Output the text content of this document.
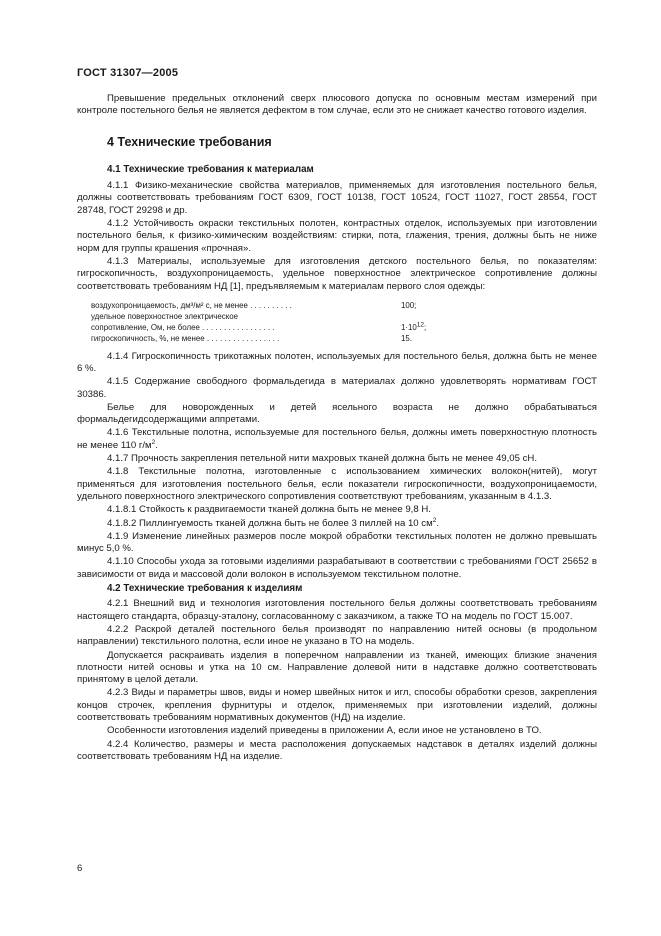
ГОСТ 31307—2005

Превышение предельных отклонений сверх плюсового допуска по основным местам измерений при контроле постельного белья не является дефектом в том случае, если это не снижает качество готового изделия.

4 Технические требования
4.1 Технические требования к материалам

4.1.1 Физико-механические свойства материалов, применяемых для изготовления постельного белья, должны соответствовать требованиям ГОСТ 6309, ГОСТ 10138, ГОСТ 10524, ГОСТ 11027, ГОСТ 28554, ГОСТ 28748, ГОСТ 29298 и др.

4.1.2 Устойчивость окраски текстильных полотен, контрастных отделок, используемых при изготовлении постельного белья, к физико-химическим воздействиям: стирки, пота, глажения, трения, должны быть не ниже норм для группы крашения «прочная».

4.1.3 Материалы, используемые для изготовления детского постельного белья, по показателям: гигроскопичность, воздухопроницаемость, удельное поверхностное электрическое сопротивление должны соответствовать требованиям НД [1], предъявляемым к материалам первого слоя одежды:

воздухопроницаемость, дм³/м² с, не менее . . . . . . . . . .	100;
удельное поверхностное электрическое
сопротивление, Ом, не более . . . . . . . . . . . . . . . . .	$1\cdot 10^{12}$;
гигроскопичность, %, не менее . . . . . . . . . . . . . . . . .	15.

4.1.4 Гигроскопичность трикотажных полотен, используемых для постельного белья, должна быть не менее 6 %.

4.1.5 Содержание свободного формальдегида в материалах должно удовлетворять нормативам ГОСТ 30386.

Белье для новорожденных и детей ясельного возраста не должно обрабатываться формальдегидсодержащими аппретами.

4.1.6 Текстильные полотна, используемые для постельного белья, должны иметь поверхностную плотность не менее 110 $г/м^2$.

4.1.7 Прочность закрепления петельной нити махровых тканей должна быть не менее 49,05 сН.

4.1.8 Текстильные полотна, изготовленные с использованием химических волокон(нитей), могут применяться для изготовления постельного белья, если показатели гигроскопичности, воздухопроницаемости, удельного поверхностного электрического сопротивления соответствуют требованиям, указанным в 4.1.3.

4.1.8.1 Стойкость к раздвигаемости тканей должна быть не менее 9,8 Н.

4.1.8.2 Пиллингуемость тканей должна быть не более 3 пиллей на 10 $см^2$.

4.1.9 Изменение линейных размеров после мокрой обработки текстильных полотен не должно превышать минус 5,0 %.

4.1.10 Способы ухода за готовыми изделиями разрабатывают в соответствии с требованиями ГОСТ 25652 в зависимости от вида и массовой доли волокон в используемом текстильном полотне.

4.2 Технические требования к изделиям

4.2.1 Внешний вид и технология изготовления постельного белья должны соответствовать требованиям настоящего стандарта, образцу-эталону, согласованному с заказчиком, а также ТО на модель по ГОСТ 15.007.

4.2.2 Раскрой деталей постельного белья производят по направлению нитей основы (в продольном направлении) текстильного полотна, если иное не указано в ТО на модель.

Допускается раскраивать изделия в поперечном направлении из тканей, имеющих близкие значения плотности нитей основы и утка на 10 см. Направление долевой нити в надставке должно соответствовать принятому в целой детали.

4.2.3 Виды и параметры швов, виды и номер швейных ниток и игл, способы обработки срезов, закрепления концов строчек, крепления фурнитуры и отделок, применяемых при изготовлении изделий, должны соответствовать требованиям нормативных документов (НД) на изделие.

Особенности изготовления изделий приведены в приложении А, если иное не установлено в ТО.

4.2.4 Количество, размеры и места расположения допускаемых надставок в деталях изделий должны соответствовать требованиям НД на изделие.

6
